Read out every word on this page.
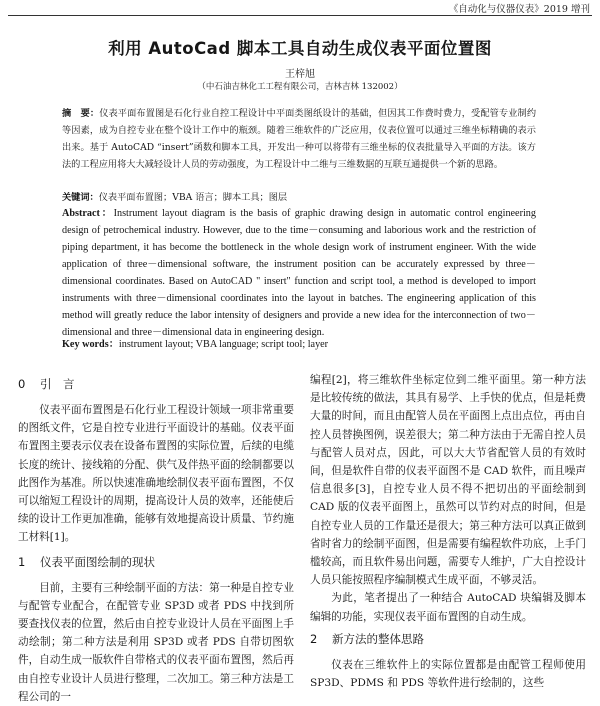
《自动化与仪器仪表》2019 增刊
利用 AutoCad 脚本工具自动生成仪表平面位置图
王梓旭
（中石油吉林化工工程有限公司，吉林吉林 132002）
摘　要：仪表平面布置图是石化行业自控工程设计中平面类图纸设计的基础，但因其工作费时费力，受配管专业制约等因素，成为自控专业在整个设计工作中的瓶颈。随着三维软件的广泛应用，仪表位置可以通过三维坐标精确的表示出来。基于 AutoCAD “insert”函数和脚本工具，开发出一种可以将带有三维坐标的仪表批量导入平面的方法。该方法的工程应用将大大减轻设计人员的劳动强度，为工程设计中二维与三维数据的互联互通提供一个新的思路。
关键词：仪表平面布置图；VBA 语言；脚本工具；图层
Abstract：Instrument layout diagram is the basis of graphic drawing design in automatic control engineering design of petrochemical industry. However, due to the time－consuming and laborious work and the restriction of piping department, it has become the bottleneck in the whole design work of instrument engineer. With the wide application of three－dimensional software, the instrument position can be accurately expressed by three－dimensional coordinates. Based on AutoCAD " insert" function and script tool, a method is developed to import instruments with three－dimensional coordinates into the layout in batches. The engineering application of this method will greatly reduce the labor intensity of designers and provide a new idea for the interconnection of two－dimensional and three－dimensional data in engineering design.
Key words：instrument layout; VBA language; script tool; layer
0 引　言

仪表平面布置图是石化行业工程设计领域一项非常重要的图纸文件，它是自控专业进行平面设计的基础。仪表平面布置图主要表示仪表在设备布置图的实际位置，后续的电缆长度的统计、接线箱的分配、供气及伴热平面的绘制都要以此图作为基准。所以快速准确地绘制仪表平面布置图，不仅可以缩短工程设计的周期，提高设计人员的效率，还能使后续的设计工作更加准确，能够有效地提高设计质量、节约施工材料[1]。

1 仪表平面图绘制的现状

目前，主要有三种绘制平面的方法：第一种是自控专业与配管专业配合，在配管专业 SP3D 或者 PDS 中找到所要查找仪表的位置，然后由自控专业设计人员在平面图上手动绘制；第二种方法是利用 SP3D 或者 PDS 自带切图软件，自动生成一版软件自带格式的仪表平面布置图，然后再由自控专业设计人员进行整理，二次加工。第三种方法是工程公司的一

编程[2]，将三维软件坐标定位到二维平面里。第一种方法是比较传统的做法，其具有易学、上手快的优点，但是耗费大量的时间，而且由配管人员在平面图上点出点位，再由自控人员替换图例，误差很大；第二种方法由于无需自控人员与配管人员对点，因此，可以大大节省配管人员的有效时间，但是软件自带的仪表平面图不是 CAD 软件，而且噪声信息很多[3]，自控专业人员不得不把切出的平面绘制到 CAD 版的仪表平面图上，虽然可以节约对点的时间，但是自控专业人员的工作量还是很大；第三种方法可以真正做到省时省力的绘制平面图，但是需要有编程软件功底，上手门槛较高，而且软件易出问题，需要专人维护，广大自控设计人员只能按照程序编制模式生成平面，不够灵活。

为此，笔者提出了一种结合 AutoCAD 块编辑及脚本编辑的功能，实现仪表平面布置图的自动生成。

2 新方法的整体思路

仪表在三维软件上的实际位置都是由配管工程师使用 SP3D、PDMS 和 PDS 等软件进行绘制的，这些
